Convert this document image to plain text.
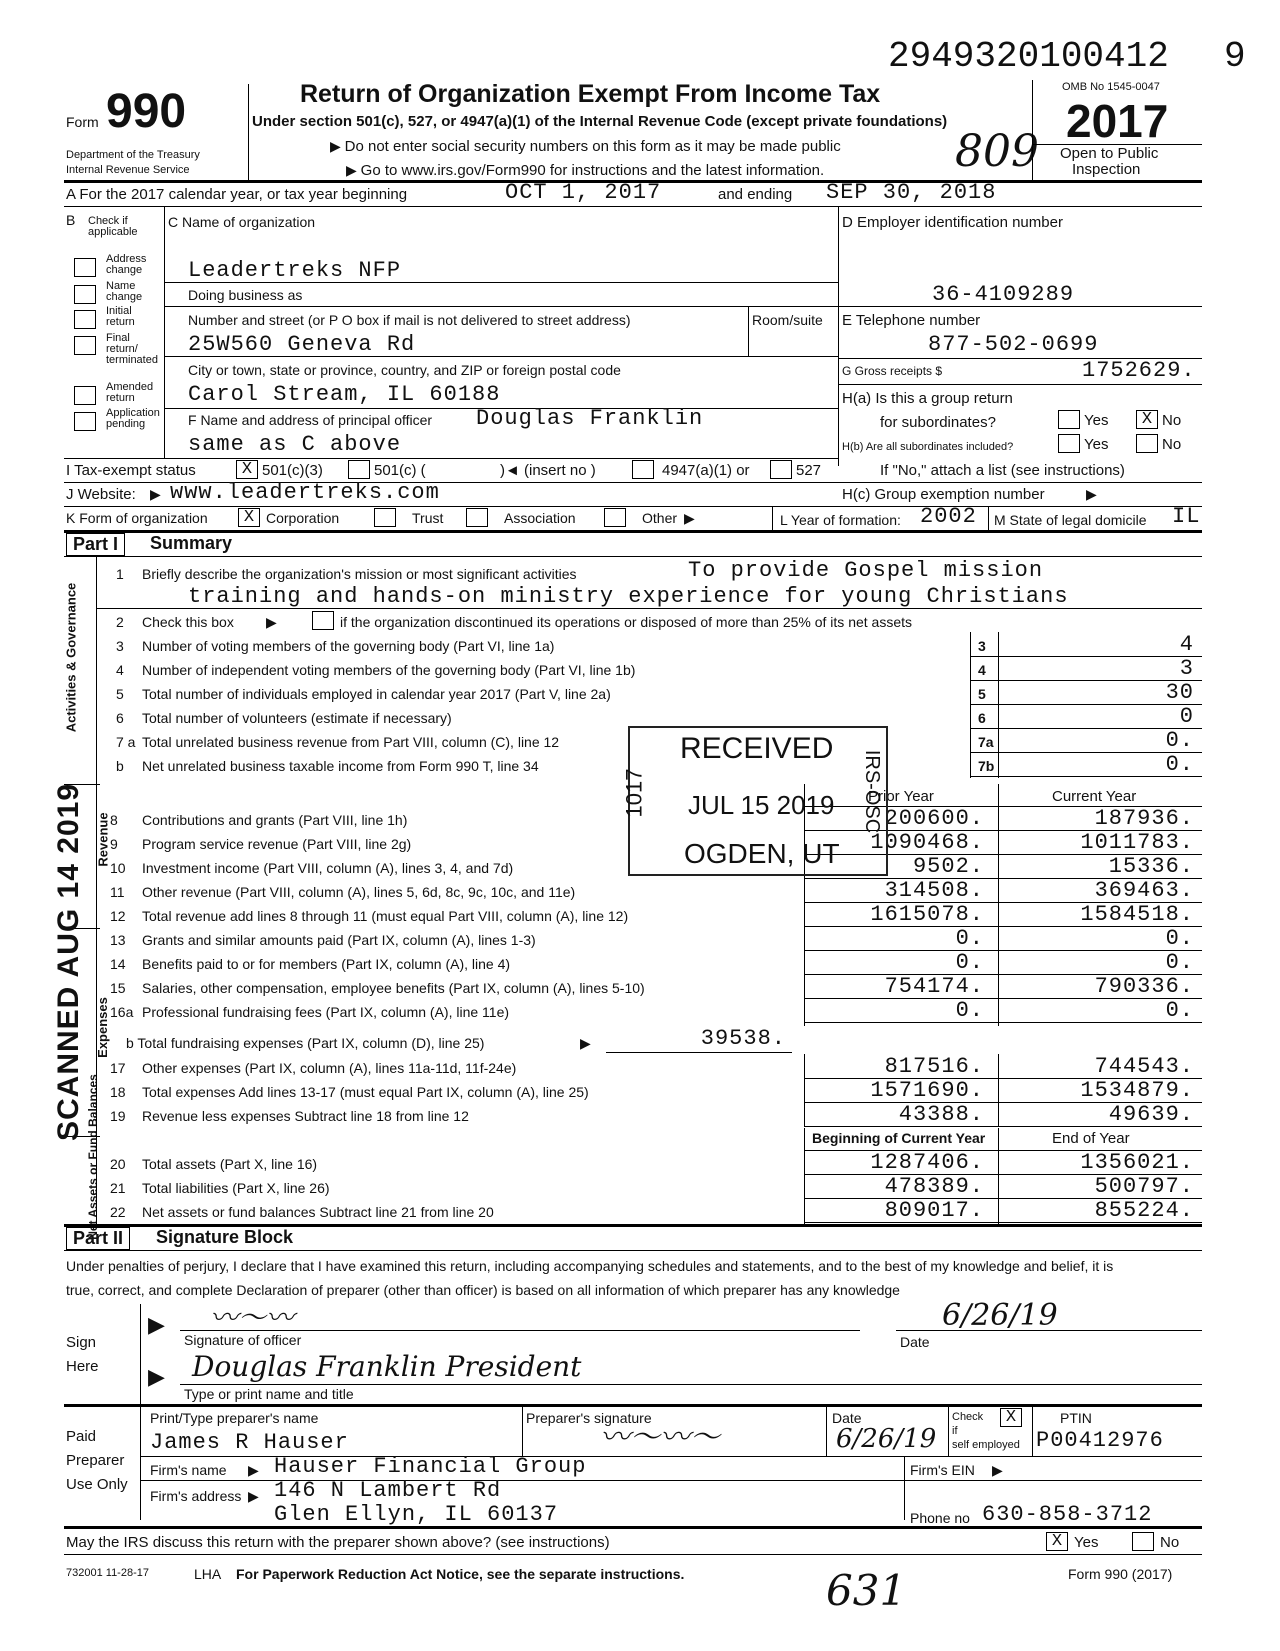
2949320100412 9
Form 990
Department of the Treasury
Internal Revenue Service
Return of Organization Exempt From Income Tax
Under section 501(c), 527, or 4947(a)(1) of the Internal Revenue Code (except private foundations)
▶ Do not enter social security numbers on this form as it may be made public
▶ Go to www.irs.gov/Form990 for instructions and the latest information.	809
OMB No 1545-0047
2017
Open to Public
Inspection
A For the 2017 calendar year, or tax year beginning	OCT 1, 2017	and ending SEP 30, 2018
B Check if applicable
Address change
Name change
Initial return
Final return/ terminated
Amended return
Application pending
C Name of organization
Leadertreks NFP
Doing business as
Number and street (or P O box if mail is not delivered to street address)	Room/suite
25W560 Geneva Rd
City or town, state or province, country, and ZIP or foreign postal code
Carol Stream, IL 60188
F Name and address of principal officer Douglas Franklin
same as C above
D Employer identification number
36-4109289
E Telephone number
877-502-0699
G Gross receipts $	1752629.
H(a) Is this a group return
for subordinates?	Yes	X No
H(b) Are all subordinates included?	Yes	No
If "No," attach a list (see instructions)
I Tax-exempt status	X 501(c)(3)	501(c) (	)◄ (insert no )	4947(a)(1) or	527
J Website: ▶ www.leadertreks.com	H(c) Group exemption number	▶
K Form of organization	X Corporation	Trust	Association	Other ▶	L Year of formation: 2002 M State of legal domicile IL
Part I	Summary
Activities & Governance
Revenue
Expenses
Net Assets or Fund Balances
SCANNED AUG 14 2019
1 Briefly describe the organization's mission or most significant activities	To provide Gospel mission
training and hands-on ministry experience for young Christians
2 Check this box ▶	if the organization discontinued its operations or disposed of more than 25% of its net assets
3 Number of voting members of the governing body (Part VI, line 1a)	3	4
4 Number of independent voting members of the governing body (Part VI, line 1b)	4	3
5 Total number of individuals employed in calendar year 2017 (Part V, line 2a)	5	30
6 Total number of volunteers (estimate if necessary)	6	0
7 a Total unrelated business revenue from Part VIII, column (C), line 12	7a	0.
b Net unrelated business taxable income from Form 990 T, line 34	7b	0.
Prior Year	Current Year
8 Contributions and grants (Part VIII, line 1h)	200600.	187936.
9 Program service revenue (Part VIII, line 2g)	1090468.	1011783.
10 Investment income (Part VIII, column (A), lines 3, 4, and 7d)	9502.	15336.
11 Other revenue (Part VIII, column (A), lines 5, 6d, 8c, 9c, 10c, and 11e)	314508.	369463.
12 Total revenue add lines 8 through 11 (must equal Part VIII, column (A), line 12)	1615078.	1584518.
13 Grants and similar amounts paid (Part IX, column (A), lines 1-3)	0.	0.
14 Benefits paid to or for members (Part IX, column (A), line 4)	0.	0.
15 Salaries, other compensation, employee benefits (Part IX, column (A), lines 5-10)	754174.	790336.
16a Professional fundraising fees (Part IX, column (A), line 11e)	0.	0.
b Total fundraising expenses (Part IX, column (D), line 25)	▶	39538.
17 Other expenses (Part IX, column (A), lines 11a-11d, 11f-24e)	817516.	744543.
18 Total expenses Add lines 13-17 (must equal Part IX, column (A), line 25)	1571690.	1534879.
19 Revenue less expenses Subtract line 18 from line 12	43388.	49639.
Beginning of Current Year	End of Year
20 Total assets (Part X, line 16)	1287406.	1356021.
21 Total liabilities (Part X, line 26)	478389.	500797.
22 Net assets or fund balances Subtract line 21 from line 20	809017.	855224.
RECEIVED
JUL 15 2019
OGDEN, UT
1017	IRS-OSC
Part II	Signature Block
Under penalties of perjury, I declare that I have examined this return, including accompanying schedules and statements, and to the best of my knowledge and belief, it is
true, correct, and complete Declaration of preparer (other than officer) is based on all information of which preparer has any knowledge
Sign
Here
▶ 〰〜〰
Signature of officer	Date
6/26/19
▶ Douglas Franklin President
Type or print name and title
Paid
Preparer
Use Only
Print/Type preparer's name	Preparer's signature
〰〜〰〜
Date
6/26/19
Check	X
if
self employed
PTIN
P00412976
James R Hauser
Firm's name ▶ Hauser Financial Group	Firm's EIN ▶
Firm's address ▶ 146 N Lambert Rd
Glen Ellyn, IL 60137	Phone no 630-858-3712
May the IRS discuss this return with the preparer shown above? (see instructions)	X Yes	No
732001 11-28-17	LHA For Paperwork Reduction Act Notice, see the separate instructions.	Form 990 (2017)
631
